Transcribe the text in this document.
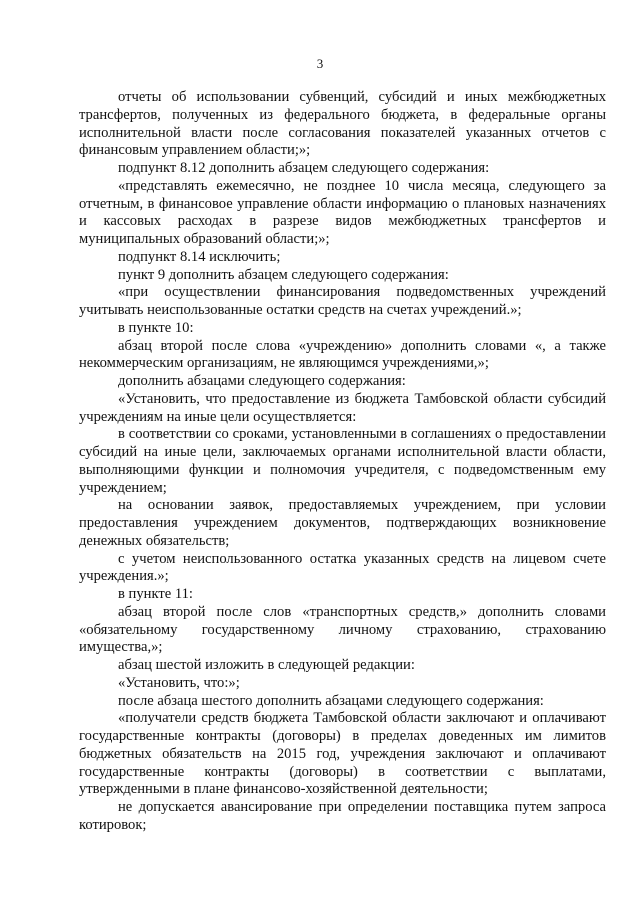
3

отчеты об использовании субвенций, субсидий и иных межбюджетных трансфертов, полученных из федерального бюджета, в федеральные органы исполнительной власти после согласования показателей указанных отчетов с финансовым управлением области;»;

подпункт 8.12 дополнить абзацем следующего содержания:

«представлять ежемесячно, не позднее 10 числа месяца, следующего за отчетным, в финансовое управление области информацию о плановых назначениях и кассовых расходах в разрезе видов межбюджетных трансфертов и муниципальных образований области;»;

подпункт 8.14 исключить;

пункт 9 дополнить абзацем следующего содержания:

«при осуществлении финансирования подведомственных учреждений учитывать неиспользованные остатки средств на счетах учреждений.»;

в пункте 10:

абзац второй после слова «учреждению» дополнить словами «, а также некоммерческим организациям, не являющимся учреждениями,»;

дополнить абзацами следующего содержания:

«Установить, что предоставление из бюджета Тамбовской области субсидий учреждениям на иные цели осуществляется:

в соответствии со сроками, установленными в соглашениях о предоставлении субсидий на иные цели, заключаемых органами исполнительной власти области, выполняющими функции и полномочия учредителя, с подведомственным ему учреждением;

на основании заявок, предоставляемых учреждением, при условии предоставления учреждением документов, подтверждающих возникновение денежных обязательств;

с учетом неиспользованного остатка указанных средств на лицевом счете учреждения.»;

в пункте 11:

абзац второй после слов «транспортных средств,» дополнить словами «обязательному государственному личному страхованию, страхованию имущества,»;

абзац шестой изложить в следующей редакции:

«Установить, что:»;

после абзаца шестого дополнить абзацами следующего содержания:

«получатели средств бюджета Тамбовской области заключают и оплачивают государственные контракты (договоры) в пределах доведенных им лимитов бюджетных обязательств на 2015 год, учреждения заключают и оплачивают государственные контракты (договоры) в соответствии с выплатами, утвержденными в плане финансово-хозяйственной деятельности;

не допускается авансирование при определении поставщика путем запроса котировок;
